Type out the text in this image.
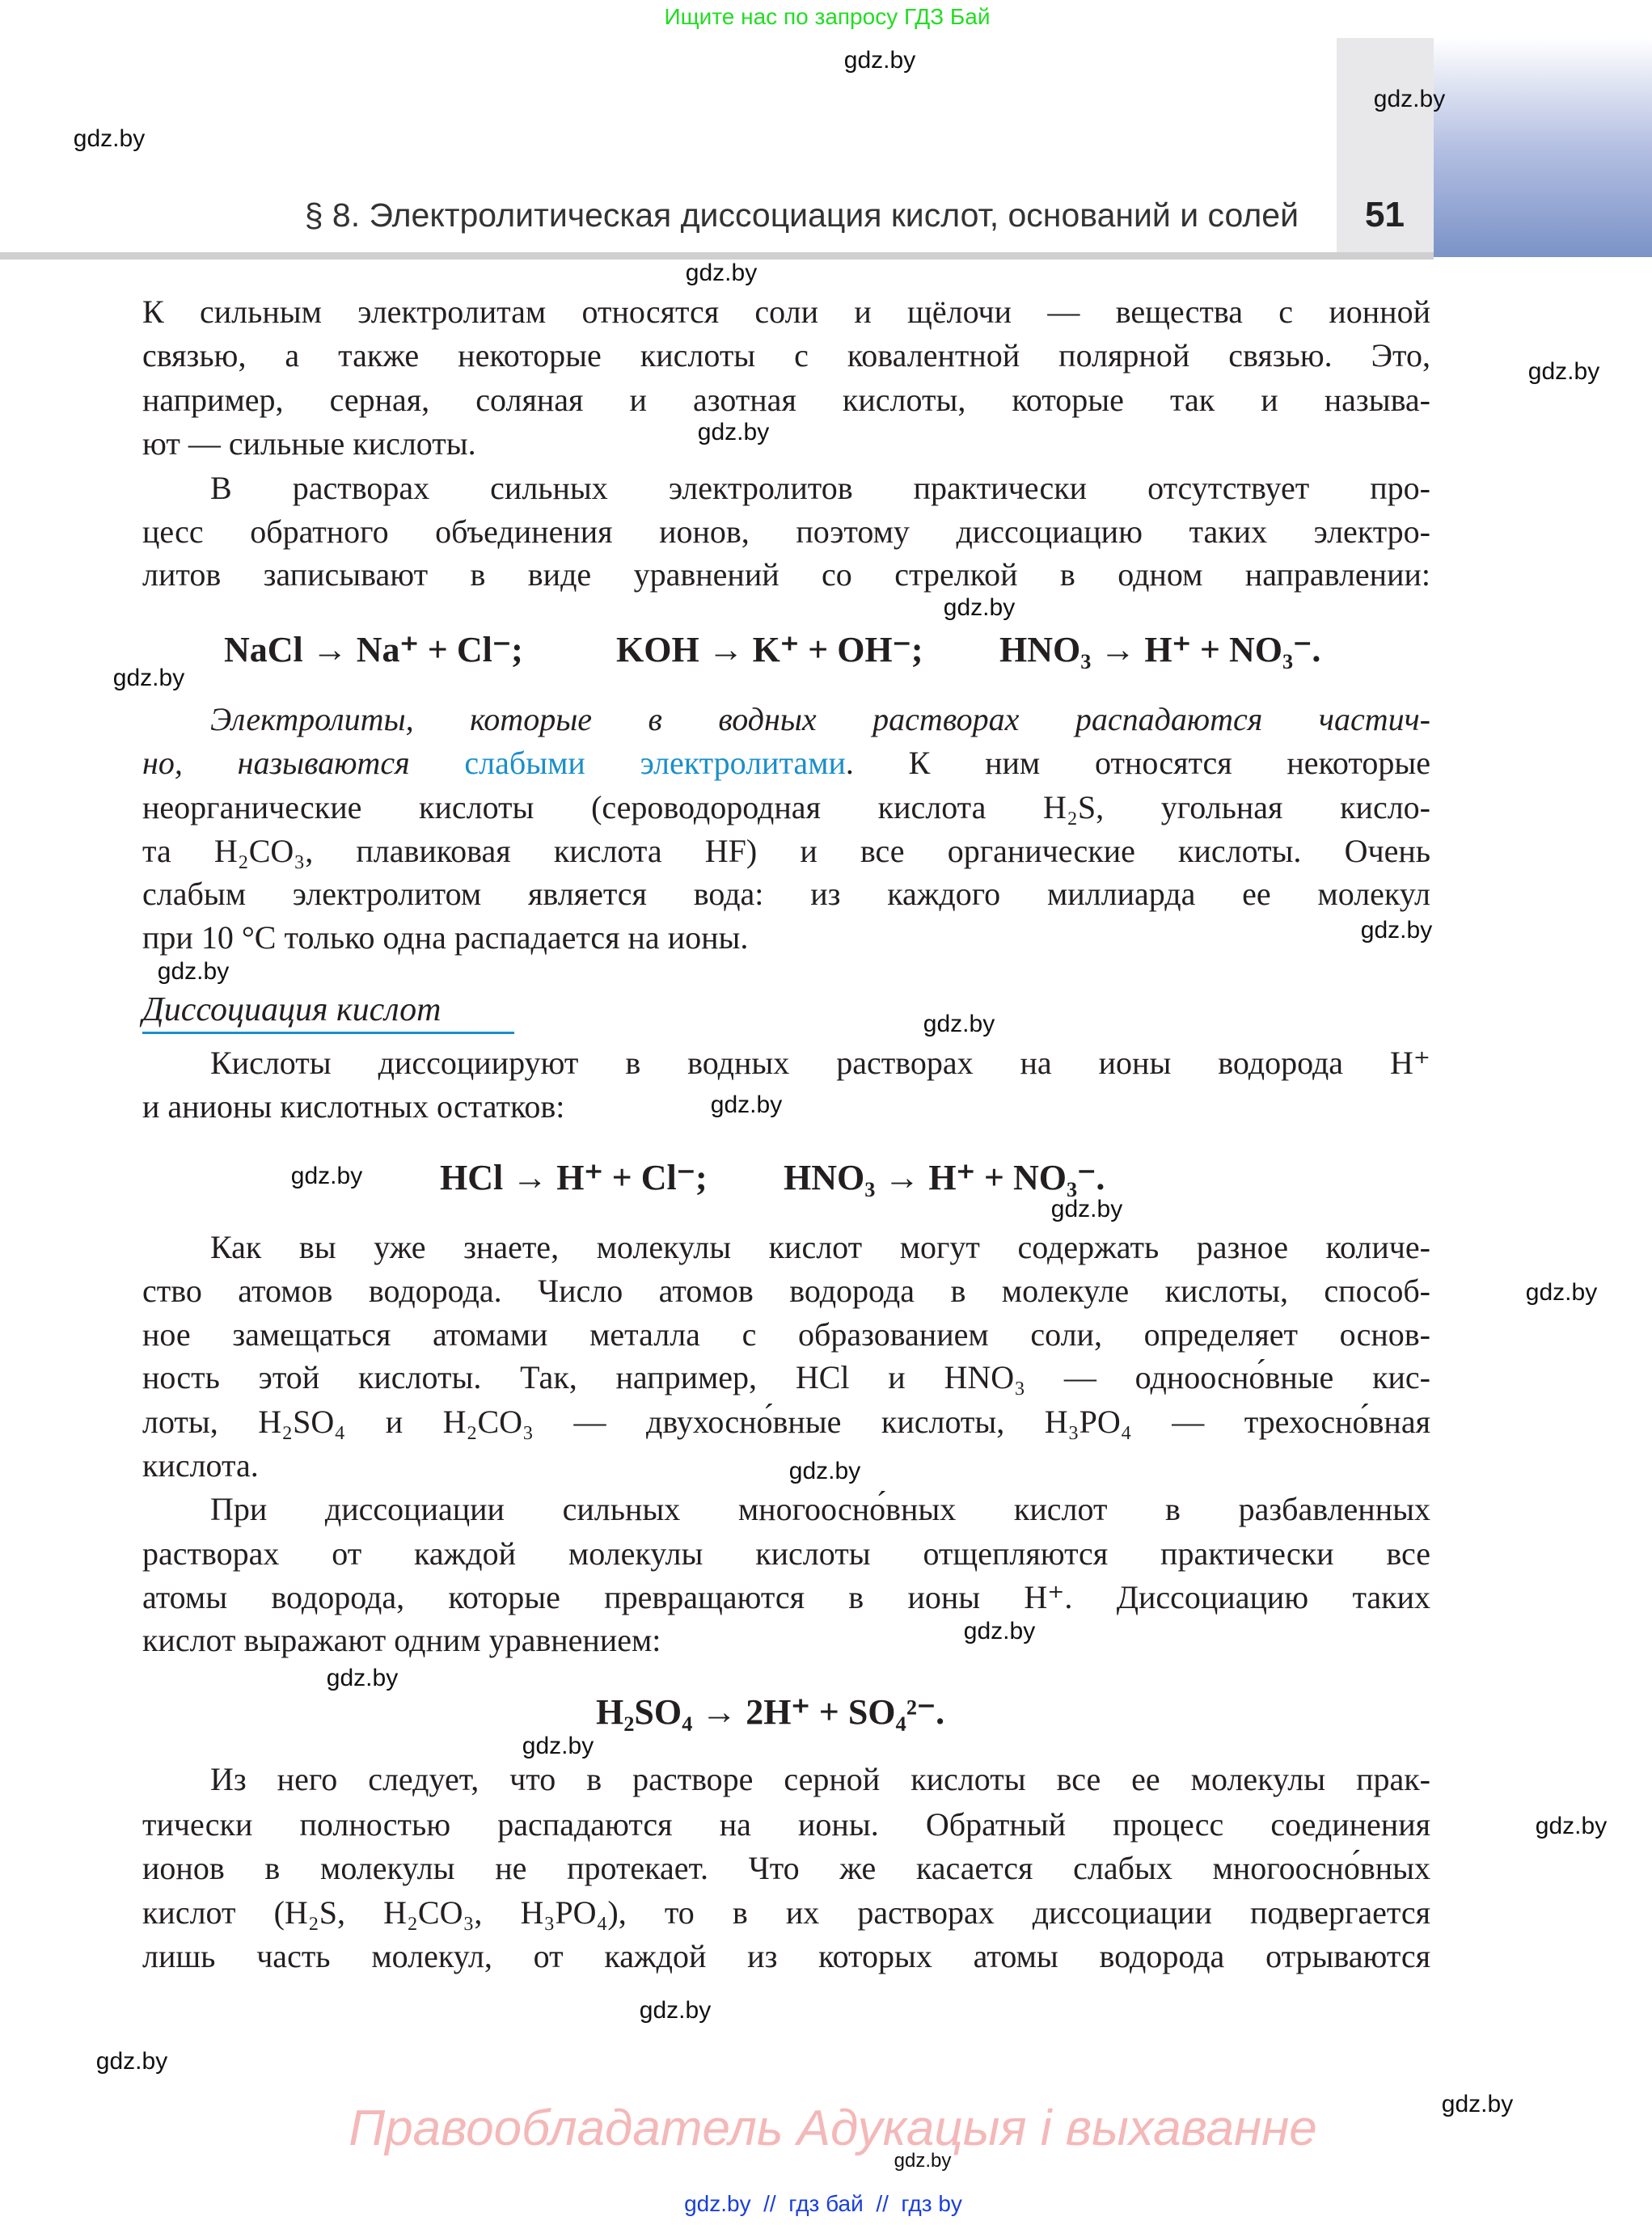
Ищите нас по запросу ГДЗ Бай
§ 8. Электролитическая диссоциация кислот, оснований и солей 51
К сильным электролитам относятся соли и щёлочи — вещества с ионной
связью, а также некоторые кислоты с ковалентной полярной связью. Это,
например, серная, соляная и азотная кислоты, которые так и называ-
ют — сильные кислоты.
В растворах сильных электролитов практически отсутствует про-
цесс обратного объединения ионов, поэтому диссоциацию таких электро-
литов записывают в виде уравнений со стрелкой в одном направлении:
NaCl → Na⁺ + Cl⁻;	KOH → K⁺ + OH⁻; HNO₃ → H⁺ + NO₃⁻.
Электролиты, которые в водных растворах распадаются частич-
но, называются слабыми электролитами. К ним относятся некоторые
неорганические кислоты (сероводородная кислота H₂S, угольная кисло-
та H₂CO₃, плавиковая кислота HF) и все органические кислоты. Очень
слабым электролитом является вода: из каждого миллиарда ее молекул
при 10 °C только одна распадается на ионы.
Диссоциация кислот
Кислоты диссоциируют в водных растворах на ионы водорода H⁺
и анионы кислотных остатков:
HCl → H⁺ + Cl⁻; HNO₃ → H⁺ + NO₃⁻.
Как вы уже знаете, молекулы кислот могут содержать разное количе-
ство атомов водорода. Число атомов водорода в молекуле кислоты, способ-
ное замещаться атомами металла с образованием соли, определяет основ-
ность этой кислоты. Так, например, HCl и HNO₃ — одноосно́вные кис-
лоты, H₂SO₄ и H₂CO₃ — двухосно́вные кислоты, H₃PO₄ — трехосно́вная
кислота.
При диссоциации сильных многоосно́вных кислот в разбавленных
растворах от каждой молекулы кислоты отщепляются практически все
атомы водорода, которые превращаются в ионы H⁺. Диссоциацию таких
кислот выражают одним уравнением:
H₂SO₄ → 2H⁺ + SO₄²⁻.
Из него следует, что в растворе серной кислоты все ее молекулы прак-
тически полностью распадаются на ионы. Обратный процесс соединения
ионов в молекулы не протекает. Что же касается слабых многоосно́вных
кислот (H₂S, H₂CO₃, H₃PO₄), то в их растворах диссоциации подвергается
лишь часть молекул, от каждой из которых атомы водорода отрываются
Правообладатель Адукацыя і выхаванне
gdz.by  //  гдз бай  //  гдз by
gdz.by
gdz.by
gdz.by
gdz.by
gdz.by
gdz.by
gdz.by
gdz.by
gdz.by
gdz.by
gdz.by
gdz.by
gdz.by
gdz.by
gdz.by
gdz.by
gdz.by
gdz.by
gdz.by
gdz.by
gdz.by
gdz.by
gdz.by
gdz.by
